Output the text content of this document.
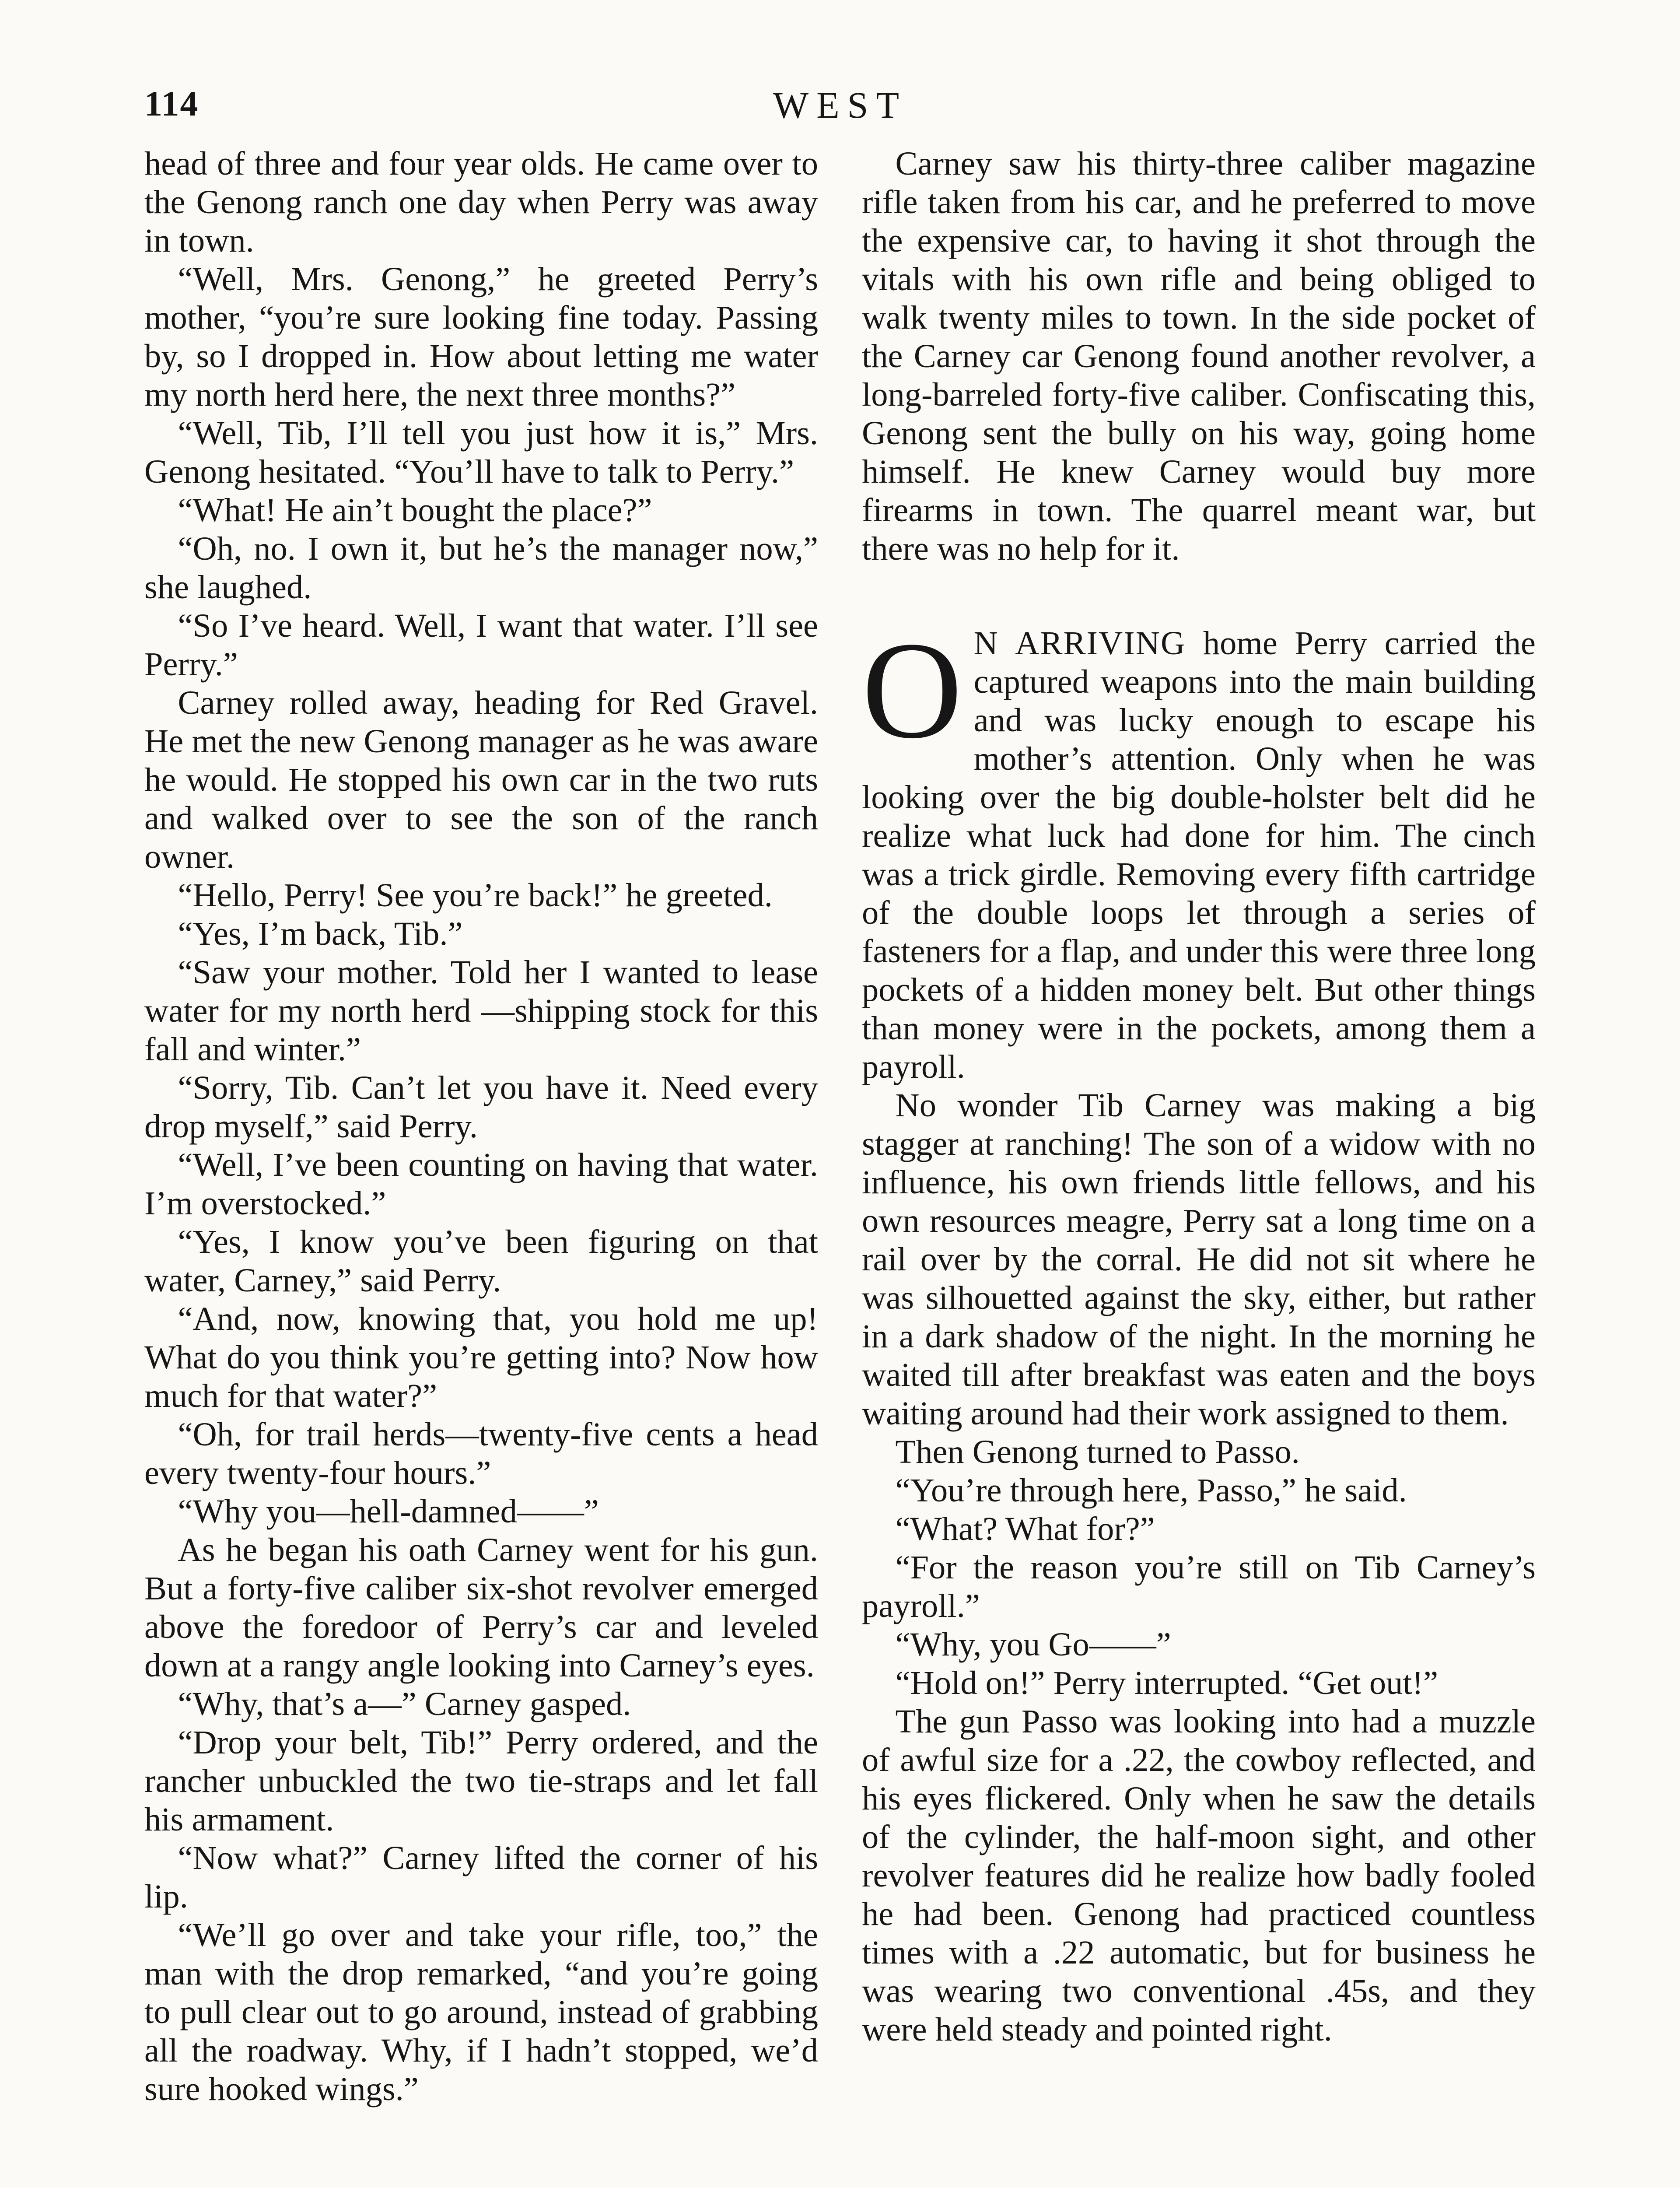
114	WEST

head of three and four year olds. He came over to the Genong ranch one day when Perry was away in town.

“Well, Mrs. Genong,” he greeted Perry’s mother, “you’re sure looking fine today. Passing by, so I dropped in. How about letting me water my north herd here, the next three months?”

“Well, Tib, I’ll tell you just how it is,” Mrs. Genong hesitated. “You’ll have to talk to Perry.”

“What! He ain’t bought the place?”

“Oh, no. I own it, but he’s the manager now,” she laughed.

“So I’ve heard. Well, I want that water. I’ll see Perry.”

Carney rolled away, heading for Red Gravel. He met the new Genong manager as he was aware he would. He stopped his own car in the two ruts and walked over to see the son of the ranch owner.

“Hello, Perry! See you’re back!” he greeted.

“Yes, I’m back, Tib.”

“Saw your mother. Told her I wanted to lease water for my north herd —shipping stock for this fall and winter.”

“Sorry, Tib. Can’t let you have it. Need every drop myself,” said Perry.

“Well, I’ve been counting on having that water. I’m overstocked.”

“Yes, I know you’ve been figuring on that water, Carney,” said Perry.

“And, now, knowing that, you hold me up! What do you think you’re getting into? Now how much for that water?”

“Oh, for trail herds—twenty-five cents a head every twenty-four hours.”

“Why you—hell-damned——”

As he began his oath Carney went for his gun. But a forty-five caliber six-shot revolver emerged above the foredoor of Perry’s car and leveled down at a rangy angle looking into Carney’s eyes.

“Why, that’s a—” Carney gasped.

“Drop your belt, Tib!” Perry ordered, and the rancher unbuckled the two tie-straps and let fall his armament.

“Now what?” Carney lifted the corner of his lip.

“We’ll go over and take your rifle, too,” the man with the drop remarked, “and you’re going to pull clear out to go around, instead of grabbing all the roadway. Why, if I hadn’t stopped, we’d sure hooked wings.”

Carney saw his thirty-three caliber magazine rifle taken from his car, and he preferred to move the expensive car, to having it shot through the vitals with his own rifle and being obliged to walk twenty miles to town. In the side pocket of the Carney car Genong found another revolver, a long-barreled forty-five caliber. Confiscating this, Genong sent the bully on his way, going home himself. He knew Carney would buy more firearms in town. The quarrel meant war, but there was no help for it.

O N ARRIVING home Perry carried the captured weapons into the main building and was lucky enough to escape his mother’s attention. Only when he was looking over the big double-holster belt did he realize what luck had done for him. The cinch was a trick girdle. Removing every fifth cartridge of the double loops let through a series of fasteners for a flap, and under this were three long pockets of a hidden money belt. But other things than money were in the pockets, among them a payroll.

No wonder Tib Carney was making a big stagger at ranching! The son of a widow with no influence, his own friends little fellows, and his own resources meagre, Perry sat a long time on a rail over by the corral. He did not sit where he was silhouetted against the sky, either, but rather in a dark shadow of the night. In the morning he waited till after breakfast was eaten and the boys waiting around had their work assigned to them.

Then Genong turned to Passo.

“You’re through here, Passo,” he said.

“What? What for?”

“For the reason you’re still on Tib Carney’s payroll.”

“Why, you Go——”

“Hold on!” Perry interrupted. “Get out!”

The gun Passo was looking into had a muzzle of awful size for a .22, the cowboy reflected, and his eyes flickered. Only when he saw the details of the cylinder, the half-moon sight, and other revolver features did he realize how badly fooled he had been. Genong had practiced countless times with a .22 automatic, but for business he was wearing two conventional .45s, and they were held steady and pointed right.
